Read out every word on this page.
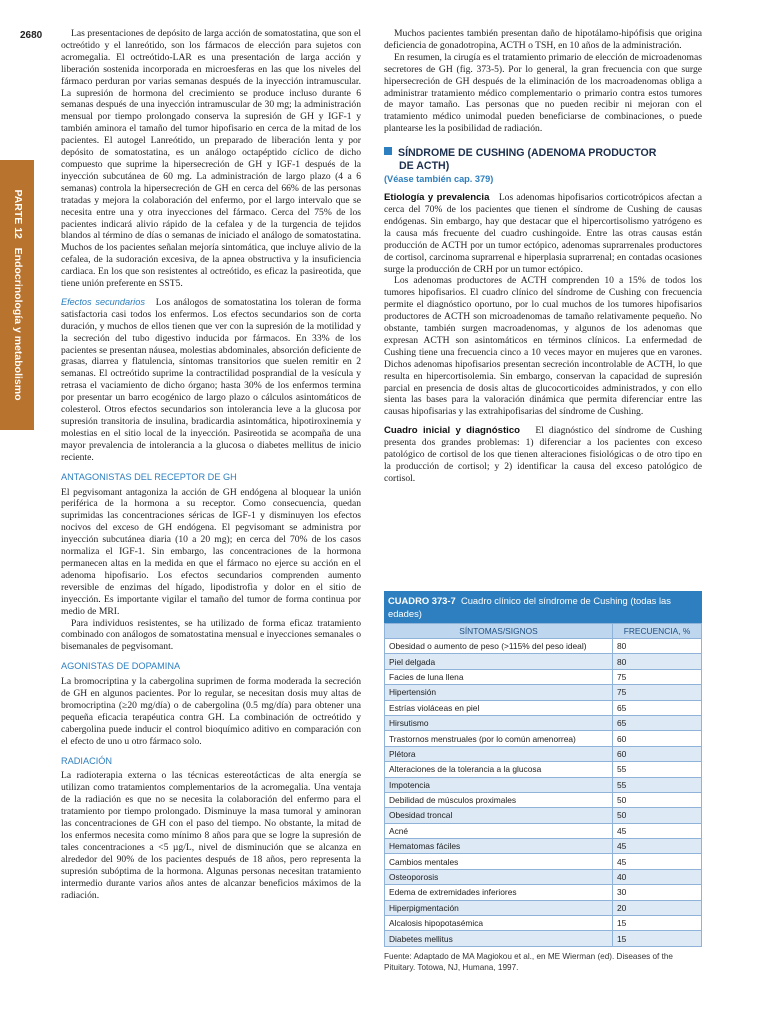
2680
PARTE 12   Endocrinología y metabolismo

Las presentaciones de depósito de larga acción de somatostatina, que son el octreótido y el lanreótido, son los fármacos de elección para sujetos con acromegalia. El octreótido-LAR es una presentación de larga acción y liberación sostenida incorporada en microesferas en las que los niveles del fármaco perduran por varias semanas después de la inyección intramuscular. La supresión de hormona del crecimiento se produce incluso durante 6 semanas después de una inyección intramuscular de 30 mg; la administración mensual por tiempo prolongado conserva la supresión de GH y IGF-1 y también aminora el tamaño del tumor hipofisario en cerca de la mitad de los pacientes. El autogel Lanreótido, un preparado de liberación lenta y por depósito de somatostatina, es un análogo octapéptido cíclico de dicho compuesto que suprime la hipersecreción de GH y IGF-1 después de la inyección subcutánea de 60 mg. La administración de largo plazo (4 a 6 semanas) controla la hipersecreción de GH en cerca del 66% de las personas tratadas y mejora la colaboración del enfermo, por el largo intervalo que se necesita entre una y otra inyecciones del fármaco. Cerca del 75% de los pacientes indicará alivio rápido de la cefalea y de la turgencia de tejidos blandos al término de días o semanas de iniciado el análogo de somatostatina. Muchos de los pacientes señalan mejoría sintomática, que incluye alivio de la cefalea, de la sudoración excesiva, de la apnea obstructiva y la insuficiencia cardiaca. En los que son resistentes al octreótido, es eficaz la pasireotida, que tiene unión preferente en SST5.

Efectos secundarios Los análogos de somatostatina los toleran de forma satisfactoria casi todos los enfermos. Los efectos secundarios son de corta duración, y muchos de ellos tienen que ver con la supresión de la motilidad y la secreción del tubo digestivo inducida por fármacos. En 33% de los pacientes se presentan náusea, molestias abdominales, absorción deficiente de grasas, diarrea y flatulencia, síntomas transitorios que suelen remitir en 2 semanas. El octreótido suprime la contractilidad posprandial de la vesícula y retrasa el vaciamiento de dicho órgano; hasta 30% de los enfermos termina por presentar un barro ecogénico de largo plazo o cálculos asintomáticos de colesterol. Otros efectos secundarios son intolerancia leve a la glucosa por supresión transitoria de insulina, bradicardia asintomática, hipotiroxinemia y molestias en el sitio local de la inyección. Pasireotida se acompaña de una mayor prevalencia de intolerancia a la glucosa o diabetes mellitus de inicio reciente.

ANTAGONISTAS DEL RECEPTOR DE GH

El pegvisomant antagoniza la acción de GH endógena al bloquear la unión periférica de la hormona a su receptor. Como consecuencia, quedan suprimidas las concentraciones séricas de IGF-1 y disminuyen los efectos nocivos del exceso de GH endógena. El pegvisomant se administra por inyección subcutánea diaria (10 a 20 mg); en cerca del 70% de los casos normaliza el IGF-1. Sin embargo, las concentraciones de la hormona permanecen altas en la medida en que el fármaco no ejerce su acción en el adenoma hipofisario. Los efectos secundarios comprenden aumento reversible de enzimas del hígado, lipodistrofia y dolor en el sitio de inyección. Es importante vigilar el tamaño del tumor de forma continua por medio de MRI.

Para individuos resistentes, se ha utilizado de forma eficaz tratamiento combinado con análogos de somatostatina mensual e inyecciones semanales o bisemanales de pegvisomant.

AGONISTAS DE DOPAMINA

La bromocriptina y la cabergolina suprimen de forma moderada la secreción de GH en algunos pacientes. Por lo regular, se necesitan dosis muy altas de bromocriptina (≥20 mg/día) o de cabergolina (0.5 mg/día) para obtener una pequeña eficacia terapéutica contra GH. La combinación de octreótido y cabergolina puede inducir el control bioquímico aditivo en comparación con el efecto de uno u otro fármaco solo.

RADIACIÓN

La radioterapia externa o las técnicas estereotácticas de alta energía se utilizan como tratamientos complementarios de la acromegalia. Una ventaja de la radiación es que no se necesita la colaboración del enfermo para el tratamiento por tiempo prolongado. Disminuye la masa tumoral y aminoran las concentraciones de GH con el paso del tiempo. No obstante, la mitad de los enfermos necesita como mínimo 8 años para que se logre la supresión de tales concentraciones a <5 µg/L, nivel de disminución que se alcanza en alrededor del 90% de los pacientes después de 18 años, pero representa la supresión subóptima de la hormona. Algunas personas necesitan tratamiento intermedio durante varios años antes de alcanzar beneficios máximos de la radiación.

Muchos pacientes también presentan daño de hipotálamo-hipófisis que origina deficiencia de gonadotropina, ACTH o TSH, en 10 años de la administración.

En resumen, la cirugía es el tratamiento primario de elección de microadenomas secretores de GH (fig. 373-5). Por lo general, la gran frecuencia con que surge hipersecreción de GH después de la eliminación de los macroadenomas obliga a administrar tratamiento médico complementario o primario contra estos tumores de mayor tamaño. Las personas que no pueden recibir ni mejoran con el tratamiento médico unimodal pueden beneficiarse de combinaciones, o puede plantearse les la posibilidad de radiación.

SÍNDROME DE CUSHING (ADENOMA PRODUCTOR
DE ACTH)
(Véase también cap. 379)

Etiología y prevalencia Los adenomas hipofisarios corticotrópicos afectan a cerca del 70% de los pacientes que tienen el síndrome de Cushing de causas endógenas. Sin embargo, hay que destacar que el hipercortisolismo yatrógeno es la causa más frecuente del cuadro cushingoide. Entre las otras causas están producción de ACTH por un tumor ectópico, adenomas suprarrenales productores de cortisol, carcinoma suprarrenal e hiperplasia suprarrenal; en contadas ocasiones surge la producción de CRH por un tumor ectópico.

Los adenomas productores de ACTH comprenden 10 a 15% de todos los tumores hipofisarios. El cuadro clínico del síndrome de Cushing con frecuencia permite el diagnóstico oportuno, por lo cual muchos de los tumores hipofisarios productores de ACTH son microadenomas de tamaño relativamente pequeño. No obstante, también surgen macroadenomas, y algunos de los adenomas que expresan ACTH son asintomáticos en términos clínicos. La enfermedad de Cushing tiene una frecuencia cinco a 10 veces mayor en mujeres que en varones. Dichos adenomas hipofisarios presentan secreción incontrolable de ACTH, lo que resulta en hipercortisolemia. Sin embargo, conservan la capacidad de supresión parcial en presencia de dosis altas de glucocorticoides administrados, y con ello sienta las bases para la valoración dinámica que permita diferenciar entre las causas hipofisarias y las extrahipofisarias del síndrome de Cushing.

Cuadro inicial y diagnóstico El diagnóstico del síndrome de Cushing presenta dos grandes problemas: 1) diferenciar a los pacientes con exceso patológico de cortisol de los que tienen alteraciones fisiológicas o de otro tipo en la producción de cortisol; y 2) identificar la causa del exceso patológico de cortisol.

CUADRO 373-7 Cuadro clínico del síndrome de Cushing (todas las edades)
SÍNTOMAS/SIGNOS	FRECUENCIA, %
Obesidad o aumento de peso (>115% del peso ideal)	80
Piel delgada	80
Facies de luna llena	75
Hipertensión	75
Estrías violáceas en piel	65
Hirsutismo	65
Trastornos menstruales (por lo común amenorrea)	60
Plétora	60
Alteraciones de la tolerancia a la glucosa	55
Impotencia	55
Debilidad de músculos proximales	50
Obesidad troncal	50
Acné	45
Hematomas fáciles	45
Cambios mentales	45
Osteoporosis	40
Edema de extremidades inferiores	30
Hiperpigmentación	20
Alcalosis hipopotasémica	15
Diabetes mellitus	15
Fuente: Adaptado de MA Magiokou et al., en ME Wierman (ed). Diseases of the Pituitary. Totowa, NJ, Humana, 1997.
